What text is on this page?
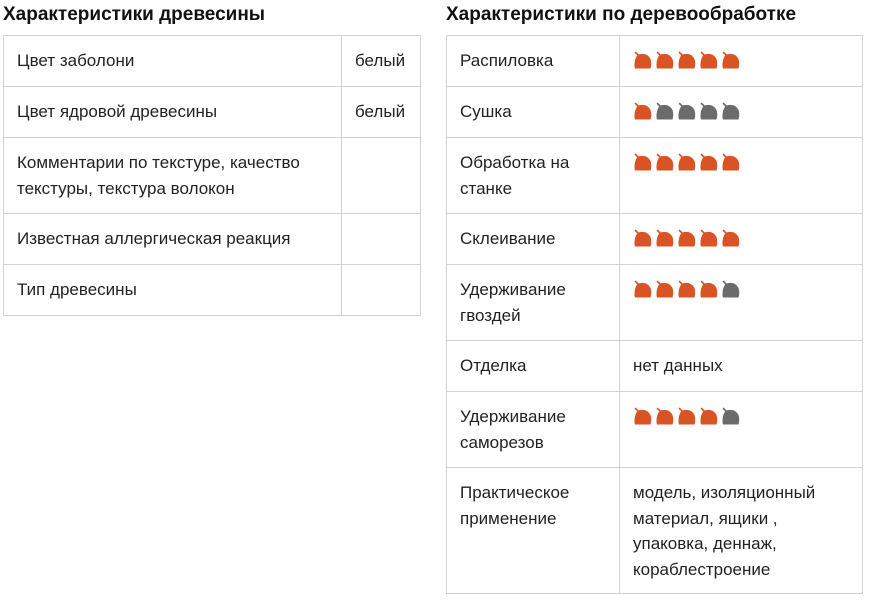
Характеристики древесины
Цвет заболони	белый
Цвет ядровой древесины	белый
Комментарии по текстуре, качество текстуры, текстура волокон	
Известная аллергическая реакция	
Тип древесины	
Характеристики по деревообработке
Распиловка	

Сушка	

Обработка на станке	

Склеивание	

Удерживание гвоздей	

Отделка	нет данных
Удерживание саморезов	

Практическое применение	модель, изоляционный материал, ящики , упаковка, деннаж, кораблестроение
